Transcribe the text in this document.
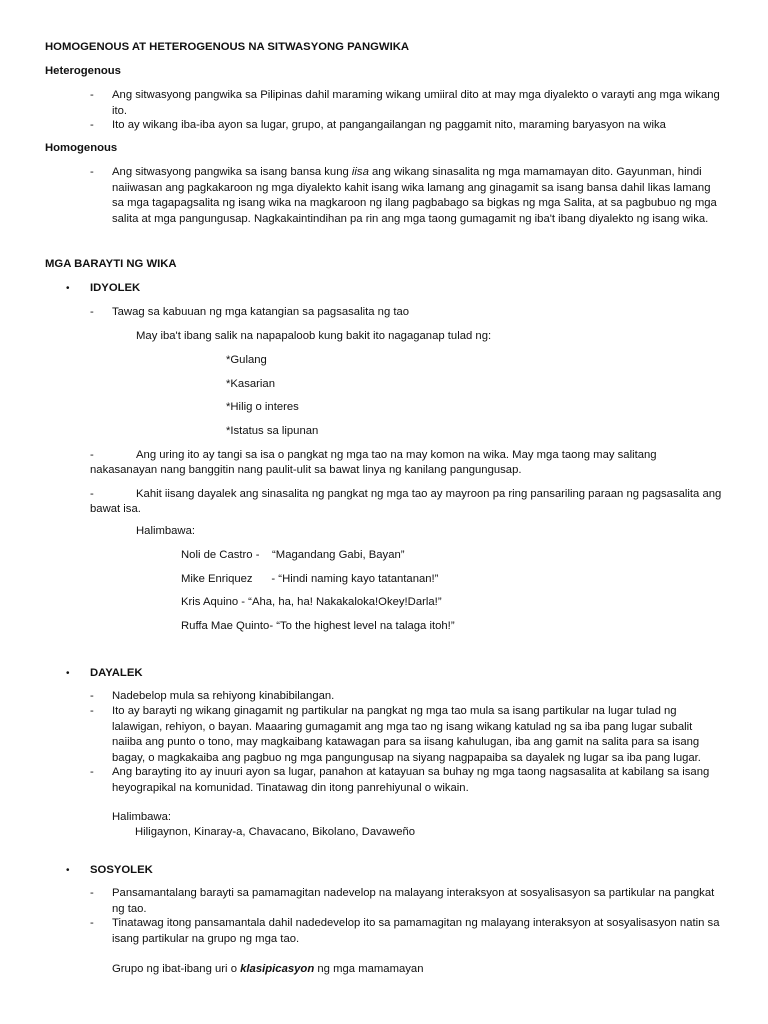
HOMOGENOUS AT HETEROGENOUS NA SITWASYONG PANGWIKA
Heterogenous
- Ang sitwasyong pangwika sa Pilipinas dahil maraming wikang umiiral dito at may mga diyalekto o varayti ang mga wikang ito.
- Ito ay wikang iba-iba ayon sa lugar, grupo, at pangangailangan ng paggamit nito, maraming baryasyon na wika
Homogenous
- Ang sitwasyong pangwika sa isang bansa kung iisa ang wikang sinasalita ng mga mamamayan dito. Gayunman, hindi naiiwasan ang pagkakaroon ng mga diyalekto kahit isang wika lamang ang ginagamit sa isang bansa dahil likas lamang sa mga tagapagsalita ng isang wika na magkaroon ng ilang pagbabago sa bigkas ng mga Salita, at sa pagbubuo ng mga salita at mga pangungusap. Nagkakaintindihan pa rin ang mga taong gumagamit ng iba't ibang diyalekto ng isang wika.
MGA BARAYTI NG WIKA
• IDYOLEK
- Tawag sa kabuuan ng mga katangian sa pagsasalita ng tao
May iba't ibang salik na napapaloob kung bakit ito nagaganap tulad ng:
*Gulang
*Kasarian
*Hilig o interes
*Istatus sa lipunan
-	Ang uring ito ay tangi sa isa o pangkat ng mga tao na may komon na wika. May mga taong may salitang
nakasanayan nang banggitin nang paulit-ulit sa bawat linya ng kanilang pangungusap.
-	Kahit iisang dayalek ang sinasalita ng pangkat ng mga tao ay mayroon pa ring pansariling paraan ng pagsasalita ang
bawat isa.
Halimbawa:
Noli de Castro -    “Magandang Gabi, Bayan”
Mike Enriquez      - “Hindi naming kayo tatantanan!”
Kris Aquino - “Aha, ha, ha! Nakakaloka!Okey!Darla!”
Ruffa Mae Quinto- “To the highest level na talaga itoh!”
• DAYALEK
- Nadebelop mula sa rehiyong kinabibilangan.
- Ito ay barayti ng wikang ginagamit ng partikular na pangkat ng mga tao mula sa isang partikular na lugar tulad ng lalawigan, rehiyon, o bayan. Maaaring gumagamit ang mga tao ng isang wikang katulad ng sa iba pang lugar subalit naiiba ang punto o tono, may magkaibang katawagan para sa iisang kahulugan, iba ang gamit na salita para sa isang bagay, o magkakaiba ang pagbuo ng mga pangungusap na siyang nagpapaiba sa dayalek ng lugar sa iba pang lugar.
- Ang barayting ito ay inuuri ayon sa lugar, panahon at katayuan sa buhay ng mga taong nagsasalita at kabilang sa isang heyograpikal na komunidad. Tinatawag din itong panrehiyunal o wikain.
Halimbawa:
Hiligaynon, Kinaray-a, Chavacano, Bikolano, Davaweño
• SOSYOLEK
- Pansamantalang barayti sa pamamagitan nadevelop na malayang interaksyon at sosyalisasyon sa partikular na pangkat ng tao.
- Tinatawag itong pansamantala dahil nadedevelop ito sa pamamagitan ng malayang interaksyon at sosyalisasyon natin sa isang partikular na grupo ng mga tao.
Grupo ng ibat-ibang uri o klasipicasyon ng mga mamamayan
